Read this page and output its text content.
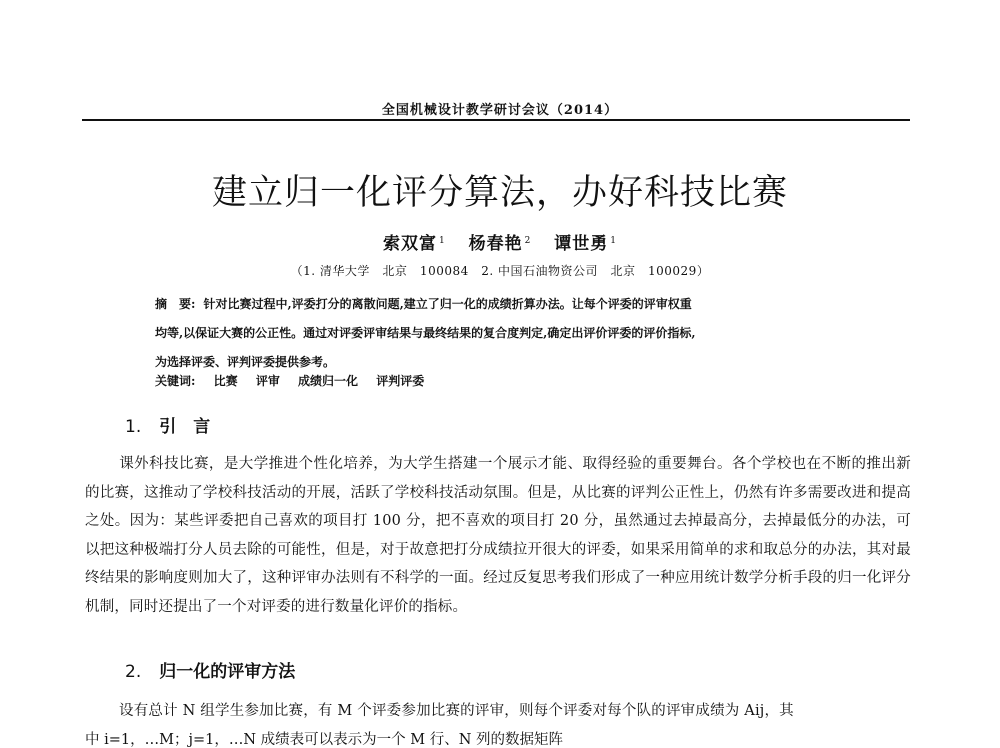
全国机械设计教学研讨会议（2014）
建立归一化评分算法，办好科技比赛
索双富 $^1$ 杨春艳 $^2$ 谭世勇 $^1$
（1. 清华大学　北京　100084　2. 中国石油物资公司　北京　100029）
摘　要: 针对比赛过程中,评委打分的离散问题,建立了归一化的成绩折算办法。让每个评委的评审权重
均等,以保证大赛的公正性。通过对评委评审结果与最终结果的复合度判定,确定出评价评委的评价指标,
为选择评委、评判评委提供参考。
关键词: 比赛 评审 成绩归一化 评判评委
1. 引　言
课外科技比赛，是大学推进个性化培养，为大学生搭建一个展示才能、取得经验的重要舞台。各个学校也在不断的推出新的比赛，这推动了学校科技活动的开展，活跃了学校科技活动氛围。但是，从比赛的评判公正性上，仍然有许多需要改进和提高之处。因为：某些评委把自己喜欢的项目打 100 分，把不喜欢的项目打 20 分，虽然通过去掉最高分，去掉最低分的办法，可以把这种极端打分人员去除的可能性，但是，对于故意把打分成绩拉开很大的评委，如果采用简单的求和取总分的办法，其对最终结果的影响度则加大了，这种评审办法则有不科学的一面。经过反复思考我们形成了一种应用统计数学分析手段的归一化评分机制，同时还提出了一个对评委的进行数量化评价的指标。
2. 归一化的评审方法
设有总计 N 组学生参加比赛，有 M 个评委参加比赛的评审，则每个评委对每个队的评审成绩为 Aij，其
中 i=1，…M；j=1，…N 成绩表可以表示为一个 M 行、N 列的数据矩阵
